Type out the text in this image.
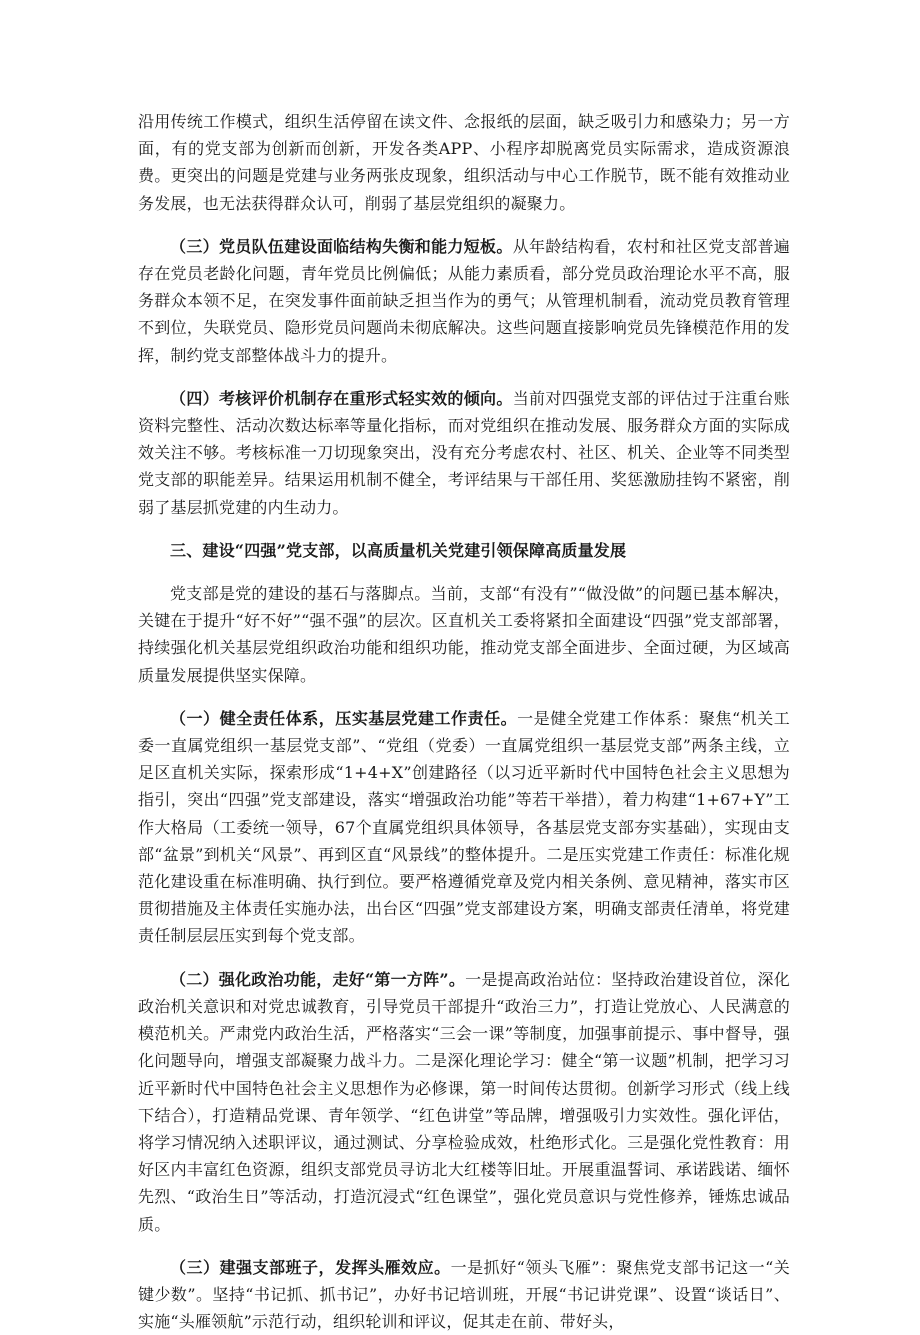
沿用传统工作模式，组织生活停留在读文件、念报纸的层面，缺乏吸引力和感染力；另一方面，有的党支部为创新而创新，开发各类APP、小程序却脱离党员实际需求，造成资源浪费。更突出的问题是党建与业务两张皮现象，组织活动与中心工作脱节，既不能有效推动业务发展，也无法获得群众认可，削弱了基层党组织的凝聚力。

（三）党员队伍建设面临结构失衡和能力短板。从年龄结构看，农村和社区党支部普遍存在党员老龄化问题，青年党员比例偏低；从能力素质看，部分党员政治理论水平不高，服务群众本领不足，在突发事件面前缺乏担当作为的勇气；从管理机制看，流动党员教育管理不到位，失联党员、隐形党员问题尚未彻底解决。这些问题直接影响党员先锋模范作用的发挥，制约党支部整体战斗力的提升。

（四）考核评价机制存在重形式轻实效的倾向。当前对四强党支部的评估过于注重台账资料完整性、活动次数达标率等量化指标，而对党组织在推动发展、服务群众方面的实际成效关注不够。考核标准一刀切现象突出，没有充分考虑农村、社区、机关、企业等不同类型党支部的职能差异。结果运用机制不健全，考评结果与干部任用、奖惩激励挂钩不紧密，削弱了基层抓党建的内生动力。

三、建设“四强”党支部，以高质量机关党建引领保障高质量发展

党支部是党的建设的基石与落脚点。当前，支部“有没有”“做没做”的问题已基本解决，关键在于提升“好不好”“强不强”的层次。区直机关工委将紧扣全面建设“四强”党支部部署，持续强化机关基层党组织政治功能和组织功能，推动党支部全面进步、全面过硬，为区域高质量发展提供坚实保障。

（一）健全责任体系，压实基层党建工作责任。一是健全党建工作体系：聚焦“机关工委一直属党组织一基层党支部”、“党组（党委）一直属党组织一基层党支部”两条主线，立足区直机关实际，探索形成“1+4+X”创建路径（以习近平新时代中国特色社会主义思想为指引，突出“四强”党支部建设，落实“增强政治功能”等若干举措），着力构建“1+67+Y”工作大格局（工委统一领导，67个直属党组织具体领导，各基层党支部夯实基础），实现由支部“盆景”到机关“风景”、再到区直“风景线”的整体提升。二是压实党建工作责任：标准化规范化建设重在标准明确、执行到位。要严格遵循党章及党内相关条例、意见精神，落实市区贯彻措施及主体责任实施办法，出台区“四强”党支部建设方案，明确支部责任清单，将党建责任制层层压实到每个党支部。

（二）强化政治功能，走好“第一方阵”。一是提高政治站位：坚持政治建设首位，深化政治机关意识和对党忠诚教育，引导党员干部提升“政治三力”，打造让党放心、人民满意的模范机关。严肃党内政治生活，严格落实“三会一课”等制度，加强事前提示、事中督导，强化问题导向，增强支部凝聚力战斗力。二是深化理论学习：健全“第一议题”机制，把学习习近平新时代中国特色社会主义思想作为必修课，第一时间传达贯彻。创新学习形式（线上线下结合），打造精品党课、青年领学、“红色讲堂”等品牌，增强吸引力实效性。强化评估，将学习情况纳入述职评议，通过测试、分享检验成效，杜绝形式化。三是强化党性教育：用好区内丰富红色资源，组织支部党员寻访北大红楼等旧址。开展重温誓词、承诺践诺、缅怀先烈、“政治生日”等活动，打造沉浸式“红色课堂”，强化党员意识与党性修养，锤炼忠诚品质。

（三）建强支部班子，发挥头雁效应。一是抓好“领头飞雁”：聚焦党支部书记这一“关键少数”。坚持“书记抓、抓书记”，办好书记培训班，开展“书记讲党课”、设置“谈话日”、实施“头雁领航”示范行动，组织轮训和评议，促其走在前、带好头，
